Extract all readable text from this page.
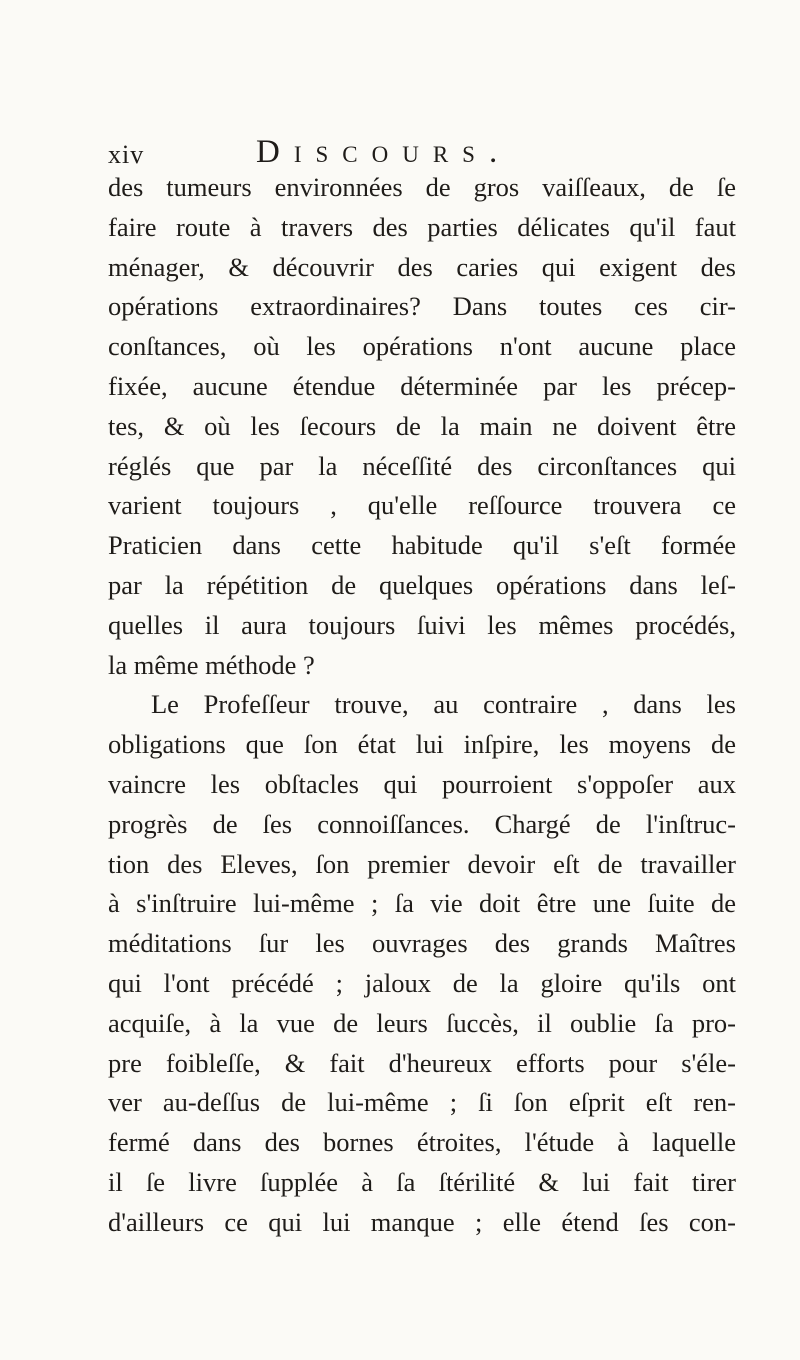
xiv	Discours.
des tumeurs environnées de gros vaiſſeaux, de ſe
faire route à travers des parties délicates qu'il faut
ménager, & découvrir des caries qui exigent des
opérations extraordinaires? Dans toutes ces cir-
conſtances, où les opérations n'ont aucune place
fixée, aucune étendue déterminée par les précep-
tes, & où les ſecours de la main ne doivent être
réglés que par la néceſſité des circonſtances qui
varient toujours , qu'elle reſſource trouvera ce
Praticien dans cette habitude qu'il s'eſt formée
par la répétition de quelques opérations dans leſ-
quelles il aura toujours ſuivi les mêmes procédés,
la même méthode ?
Le Profeſſeur trouve, au contraire , dans les
obligations que ſon état lui inſpire, les moyens de
vaincre les obſtacles qui pourroient s'oppoſer aux
progrès de ſes connoiſſances. Chargé de l'inſtruc-
tion des Eleves, ſon premier devoir eſt de travailler
à s'inſtruire lui-même ; ſa vie doit être une ſuite de
méditations ſur les ouvrages des grands Maîtres
qui l'ont précédé ; jaloux de la gloire qu'ils ont
acquiſe, à la vue de leurs ſuccès, il oublie ſa pro-
pre foibleſſe, & fait d'heureux efforts pour s'éle-
ver au-deſſus de lui-même ; ſi ſon eſprit eſt ren-
fermé dans des bornes étroites, l'étude à laquelle
il ſe livre ſupplée à ſa ſtérilité & lui fait tirer
d'ailleurs ce qui lui manque ; elle étend ſes con-
